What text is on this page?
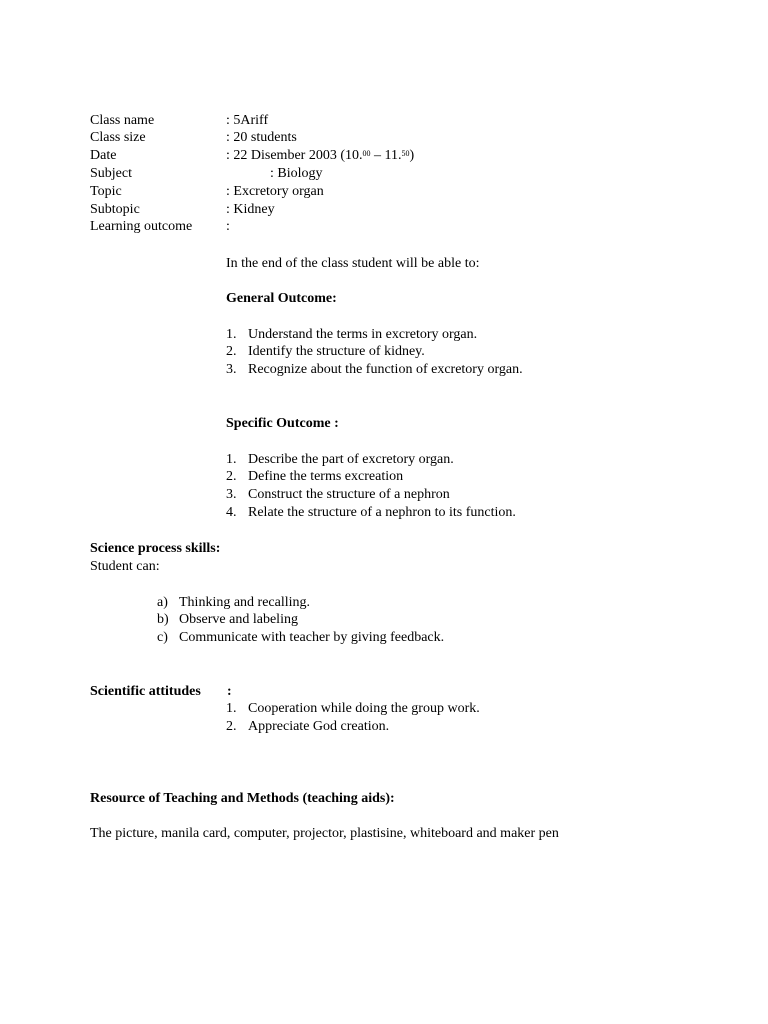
Class name	: 5Ariff
Class size	: 20 students
Date	: 22 Disember 2003 (10.00 – 11.50)
Subject	: Biology
Topic	: Excretory organ
Subtopic	: Kidney
Learning outcome :
In the end of the class student will be able to:
General Outcome:
1. Understand the terms in excretory organ.
2. Identify the structure of kidney.
3. Recognize about the function of excretory organ.
Specific Outcome :
1. Describe the part of excretory organ.
2. Define the terms excreation
3. Construct the structure of a nephron
4. Relate the structure of a nephron to its function.
Science process skills:
Student can:
a) Thinking and recalling.
b) Observe and labeling
c) Communicate with teacher by giving feedback.
Scientific attitudes :
1. Cooperation while doing the group work.
2. Appreciate God creation.
Resource of Teaching and Methods (teaching aids):
The picture, manila card, computer, projector, plastisine, whiteboard and maker pen
